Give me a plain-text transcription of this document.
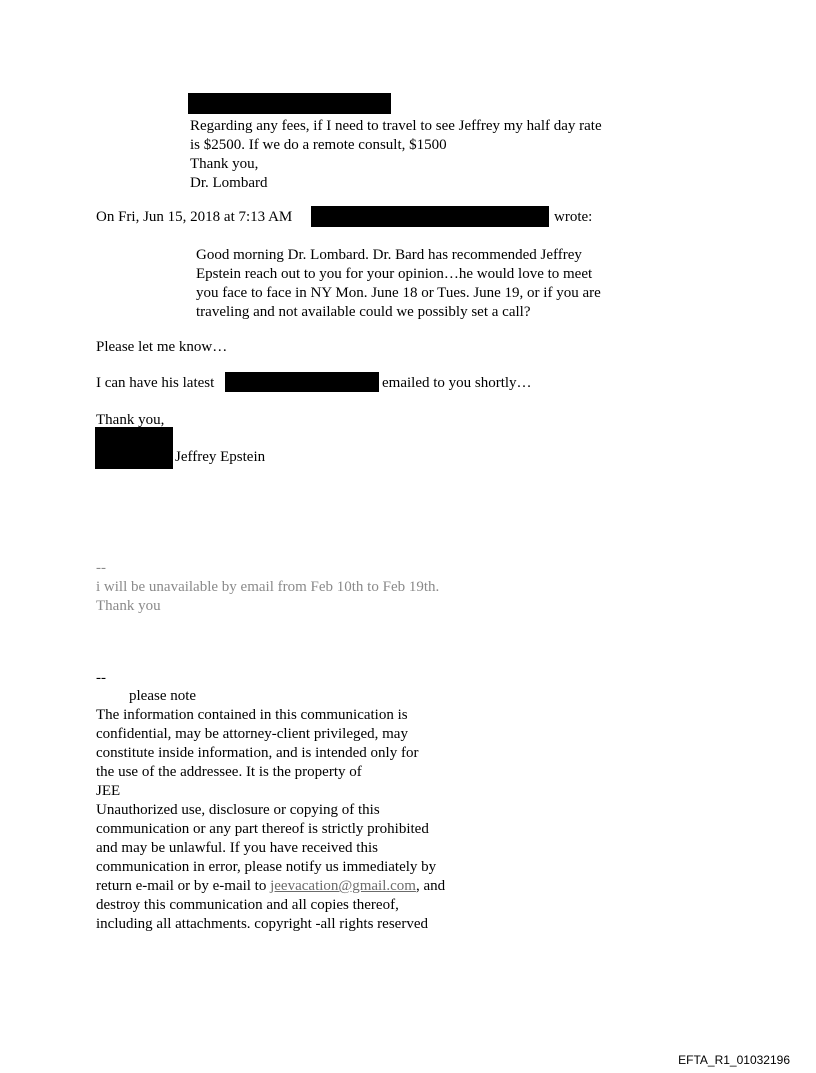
Regarding any fees, if I need to travel to see Jeffrey my half day rate
is $2500. If we do a remote consult, $1500
Thank you,
Dr. Lombard
On Fri, Jun 15, 2018 at 7:13 AM	wrote:
Good morning Dr. Lombard. Dr. Bard has recommended Jeffrey
Epstein reach out to you for your opinion…he would love to meet
you face to face in NY Mon. June 18 or Tues. June 19, or if you are
traveling and not available could we possibly set a call?
Please let me know…
I can have his latest	emailed to you shortly…
Thank you,
Jeffrey Epstein
--
i will be unavailable by email from Feb 10th to Feb 19th.
Thank you
--
please note
The information contained in this communication is
confidential, may be attorney-client privileged, may
constitute inside information, and is intended only for
the use of the addressee. It is the property of
JEE
Unauthorized use, disclosure or copying of this
communication or any part thereof is strictly prohibited
and may be unlawful. If you have received this
communication in error, please notify us immediately by
return e-mail or by e-mail to jeevacation@gmail.com, and
destroy this communication and all copies thereof,
including all attachments. copyright -all rights reserved
EFTA_R1_01032196
